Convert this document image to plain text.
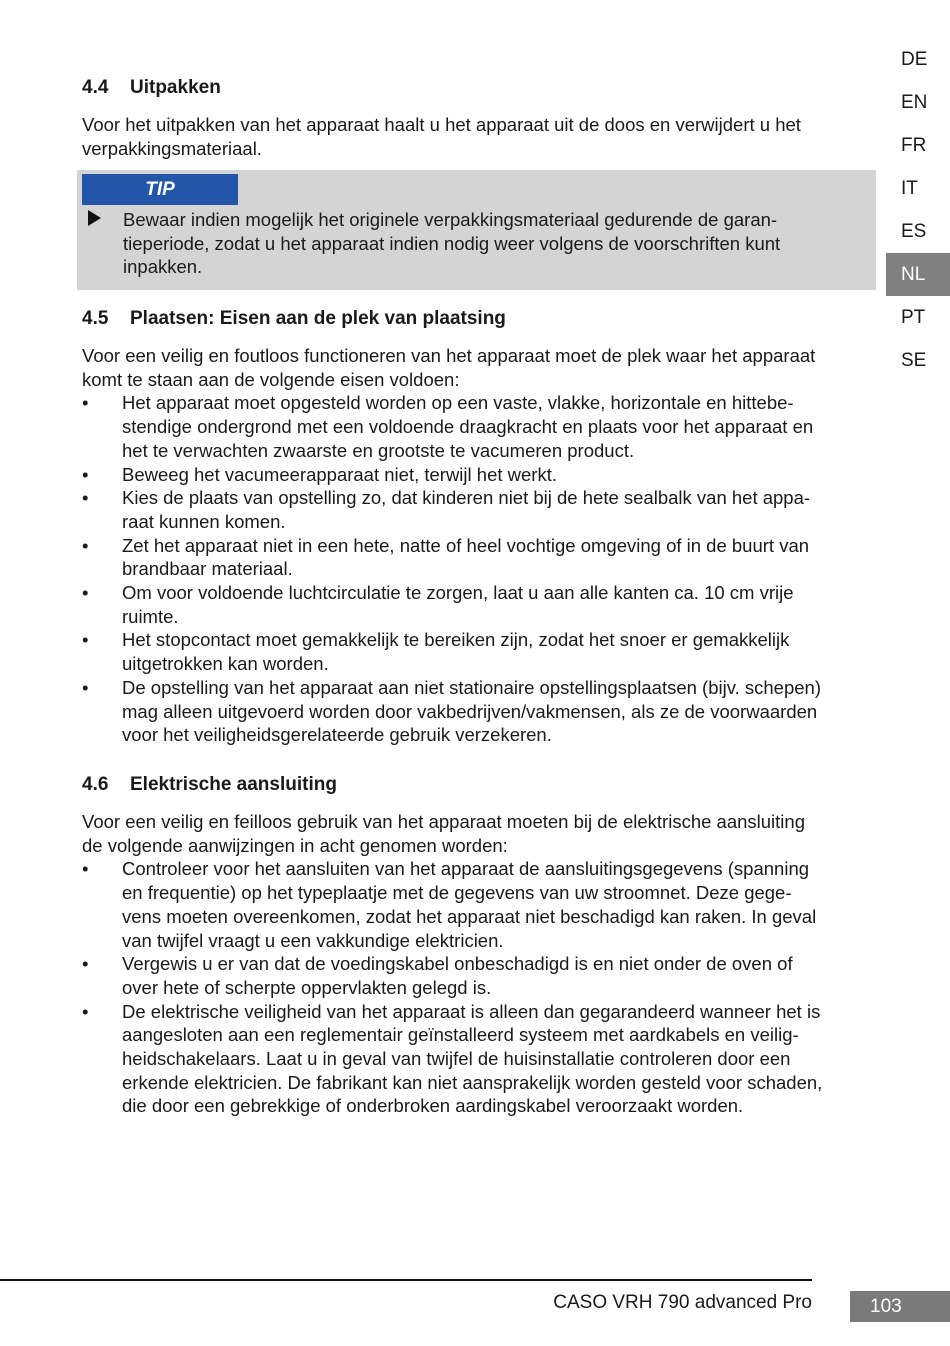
DE
EN
FR
IT
ES
NL
PT
SE
4.4 Uitpakken
Voor het uitpakken van het apparaat haalt u het apparaat uit de doos en verwijdert u het
verpakkingsmateriaal.
TIP
Bewaar indien mogelijk het originele verpakkingsmateriaal gedurende de garan-
tieperiode, zodat u het apparaat indien nodig weer volgens de voorschriften kunt
inpakken.
4.5 Plaatsen: Eisen aan de plek van plaatsing
Voor een veilig en foutloos functioneren van het apparaat moet de plek waar het apparaat
komt te staan aan de volgende eisen voldoen:
• Het apparaat moet opgesteld worden op een vaste, vlakke, horizontale en hittebe-
stendige ondergrond met een voldoende draagkracht en plaats voor het apparaat en
het te verwachten zwaarste en grootste te vacumeren product.
• Beweeg het vacumeerapparaat niet, terwijl het werkt.
• Kies de plaats van opstelling zo, dat kinderen niet bij de hete sealbalk van het appa-
raat kunnen komen.
• Zet het apparaat niet in een hete, natte of heel vochtige omgeving of in de buurt van
brandbaar materiaal.
• Om voor voldoende luchtcirculatie te zorgen, laat u aan alle kanten ca. 10 cm vrije
ruimte.
• Het stopcontact moet gemakkelijk te bereiken zijn, zodat het snoer er gemakkelijk
uitgetrokken kan worden.
• De opstelling van het apparaat aan niet stationaire opstellingsplaatsen (bijv. schepen)
mag alleen uitgevoerd worden door vakbedrijven/vakmensen, als ze de voorwaarden
voor het veiligheidsgerelateerde gebruik verzekeren.
4.6 Elektrische aansluiting
Voor een veilig en feilloos gebruik van het apparaat moeten bij de elektrische aansluiting
de volgende aanwijzingen in acht genomen worden:
• Controleer voor het aansluiten van het apparaat de aansluitingsgegevens (spanning
en frequentie) op het typeplaatje met de gegevens van uw stroomnet. Deze gege-
vens moeten overeenkomen, zodat het apparaat niet beschadigd kan raken. In geval
van twijfel vraagt u een vakkundige elektricien.
• Vergewis u er van dat de voedingskabel onbeschadigd is en niet onder de oven of
over hete of scherpte oppervlakten gelegd is.
• De elektrische veiligheid van het apparaat is alleen dan gegarandeerd wanneer het is
aangesloten aan een reglementair geïnstalleerd systeem met aardkabels en veilig-
heidschakelaars. Laat u in geval van twijfel de huisinstallatie controleren door een
erkende elektricien. De fabrikant kan niet aansprakelijk worden gesteld voor schaden,
die door een gebrekkige of onderbroken aardingskabel veroorzaakt worden.
CASO VRH 790 advanced Pro	103
